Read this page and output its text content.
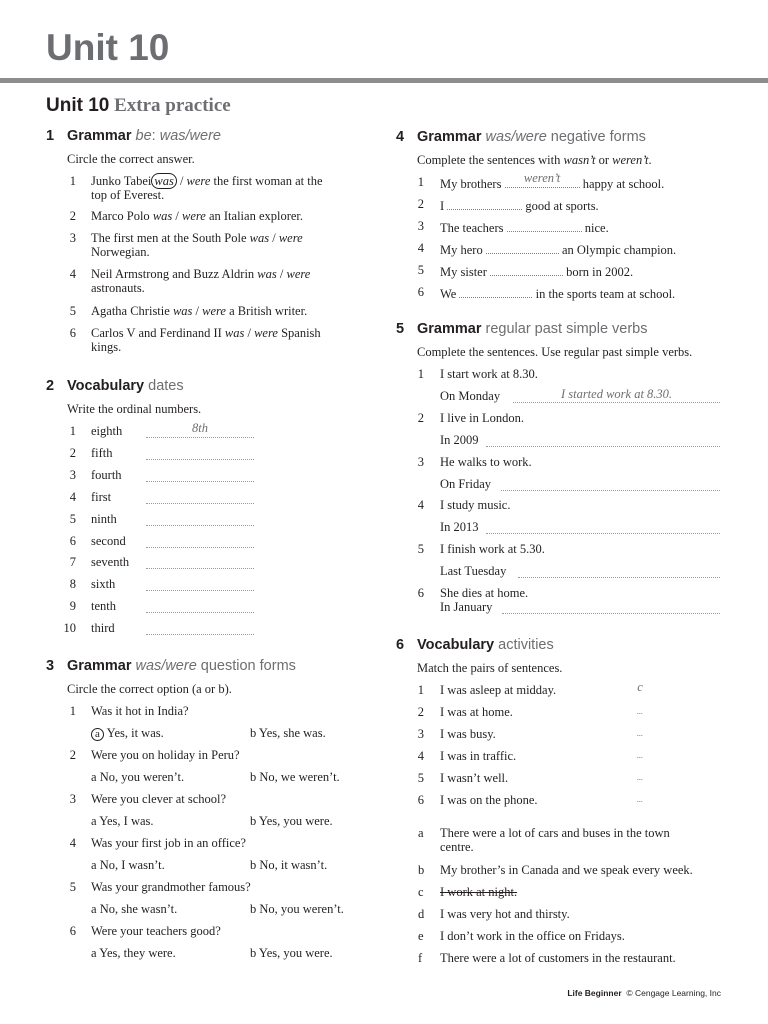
Unit 10
Unit 10 Extra practice
1 Grammar be: was/were
Circle the correct answer.
1 Junko Tabei was / were the first woman at the
top of Everest.
2 Marco Polo was / were an Italian explorer.
3 The first men at the South Pole was / were
Norwegian.
4 Neil Armstrong and Buzz Aldrin was / were
astronauts.
5 Agatha Christie was / were a British writer.
6 Carlos V and Ferdinand II was / were Spanish
kings.
2 Vocabulary dates
Write the ordinal numbers.
1 eighth	8th
2 fifth
3 fourth
4 first
5 ninth
6 second
7 seventh
8 sixth
9 tenth
10 third
3 Grammar was/were question forms
Circle the correct option (a or b).
1 Was it hot in India?
a Yes, it was.	b Yes, she was.
2 Were you on holiday in Peru?
a No, you weren’t.	b No, we weren’t.
3 Were you clever at school?
a Yes, I was.	b Yes, you were.
4 Was your first job in an office?
a No, I wasn’t.	b No, it wasn’t.
5 Was your grandmother famous?
a No, she wasn’t.	b No, you weren’t.
6 Were your teachers good?
a Yes, they were.	b Yes, you were.
4 Grammar was/were negative forms
Complete the sentences with wasn’t or weren’t.
1 My brothers	weren’t	happy at school.
2 I	good at sports.
3 The teachers	nice.
4 My hero	an Olympic champion.
5 My sister	born in 2002.
6 We	in the sports team at school.
5 Grammar regular past simple verbs
Complete the sentences. Use regular past simple verbs.
1 I start work at 8.30.
On Monday	I started work at 8.30.
2 I live in London.
In 2009
3 He walks to work.
On Friday
4 I study music.
In 2013
5 I finish work at 5.30.
Last Tuesday
6 She dies at home.
In January
6 Vocabulary activities
Match the pairs of sentences.
1 I was asleep at midday.	c
2 I was at home.	...
3 I was busy.	...
4 I was in traffic.	...
5 I wasn’t well.	...
6 I was on the phone.	...
a There were a lot of cars and buses in the town
centre.
b My brother’s in Canada and we speak every week.
c I work at night.
d I was very hot and thirsty.
e I don’t work in the office on Fridays.
f There were a lot of customers in the restaurant.
Life Beginner © Cengage Learning, Inc
